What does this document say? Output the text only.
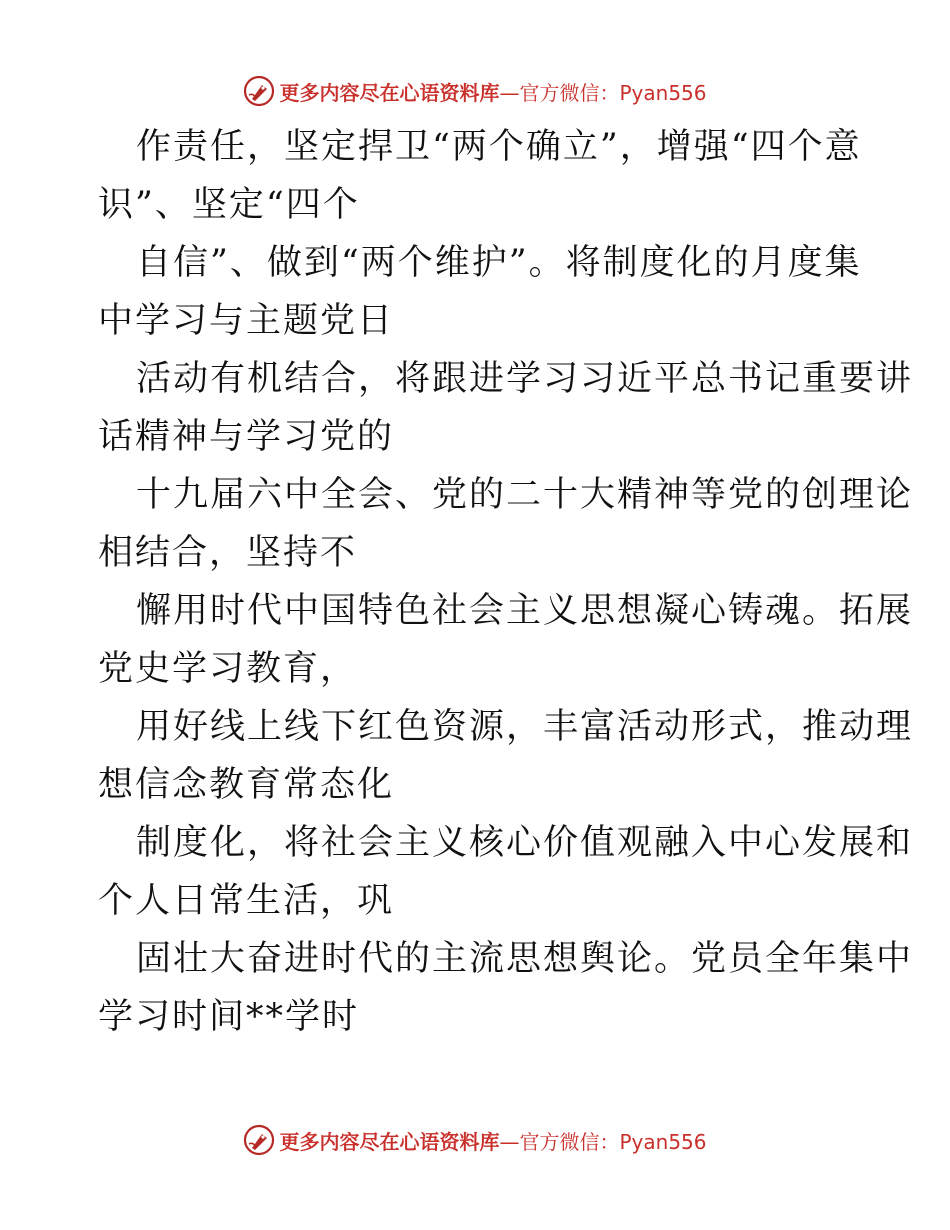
更多内容尽在心语资料库—官方微信：Pyan556
作责任，坚定捍卫“两个确立”，增强“四个意
识”、坚定“四个
自信”、做到“两个维护”。将制度化的月度集
中学习与主题党日
活动有机结合，将跟进学习习近平总书记重要讲
话精神与学习党的
十九届六中全会、党的二十大精神等党的创理论
相结合，坚持不
懈用时代中国特色社会主义思想凝心铸魂。拓展
党史学习教育，
用好线上线下红色资源，丰富活动形式，推动理
想信念教育常态化
制度化，将社会主义核心价值观融入中心发展和
个人日常生活，巩
固壮大奋进时代的主流思想舆论。党员全年集中
学习时间**学时
更多内容尽在心语资料库—官方微信：Pyan556
